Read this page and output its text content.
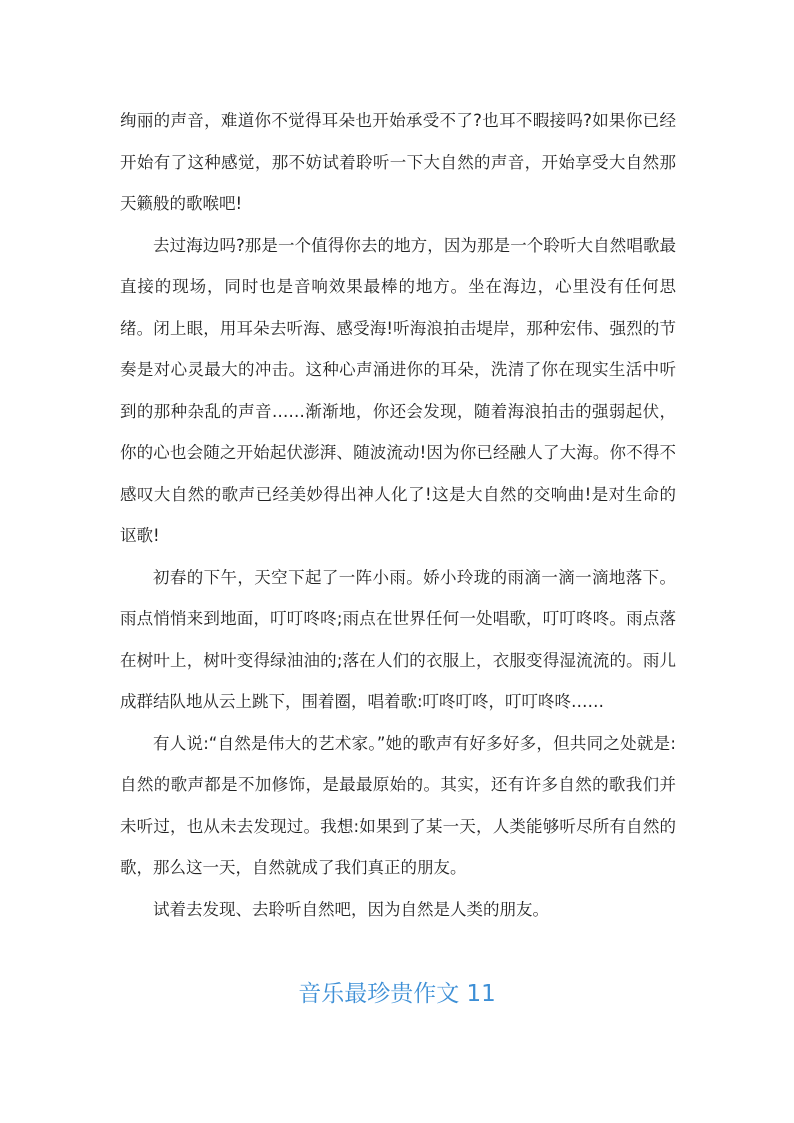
绚丽的声音，难道你不觉得耳朵也开始承受不了?也耳不暇接吗?如果你已经开始有了这种感觉，那不妨试着聆听一下大自然的声音，开始享受大自然那天籁般的歌喉吧!

去过海边吗?那是一个值得你去的地方，因为那是一个聆听大自然唱歌最直接的现场，同时也是音响效果最棒的地方。坐在海边，心里没有任何思绪。闭上眼，用耳朵去听海、感受海!听海浪拍击堤岸，那种宏伟、强烈的节奏是对心灵最大的冲击。这种心声涌进你的耳朵，洗清了你在现实生活中听到的那种杂乱的声音……渐渐地，你还会发现，随着海浪拍击的强弱起伏，你的心也会随之开始起伏澎湃、随波流动!因为你已经融人了大海。你不得不感叹大自然的歌声已经美妙得出神人化了!这是大自然的交响曲!是对生命的讴歌!

初春的下午，天空下起了一阵小雨。娇小玲珑的雨滴一滴一滴地落下。雨点悄悄来到地面，叮叮咚咚;雨点在世界任何一处唱歌，叮叮咚咚。雨点落在树叶上，树叶变得绿油油的;落在人们的衣服上，衣服变得湿流流的。雨儿成群结队地从云上跳下，围着圈，唱着歌:叮咚叮咚，叮叮咚咚……

有人说:“自然是伟大的艺术家。”她的歌声有好多好多，但共同之处就是:自然的歌声都是不加修饰，是最最原始的。其实，还有许多自然的歌我们并未听过，也从未去发现过。我想:如果到了某一天，人类能够听尽所有自然的歌，那么这一天，自然就成了我们真正的朋友。

试着去发现、去聆听自然吧，因为自然是人类的朋友。

音乐最珍贵作文 11
